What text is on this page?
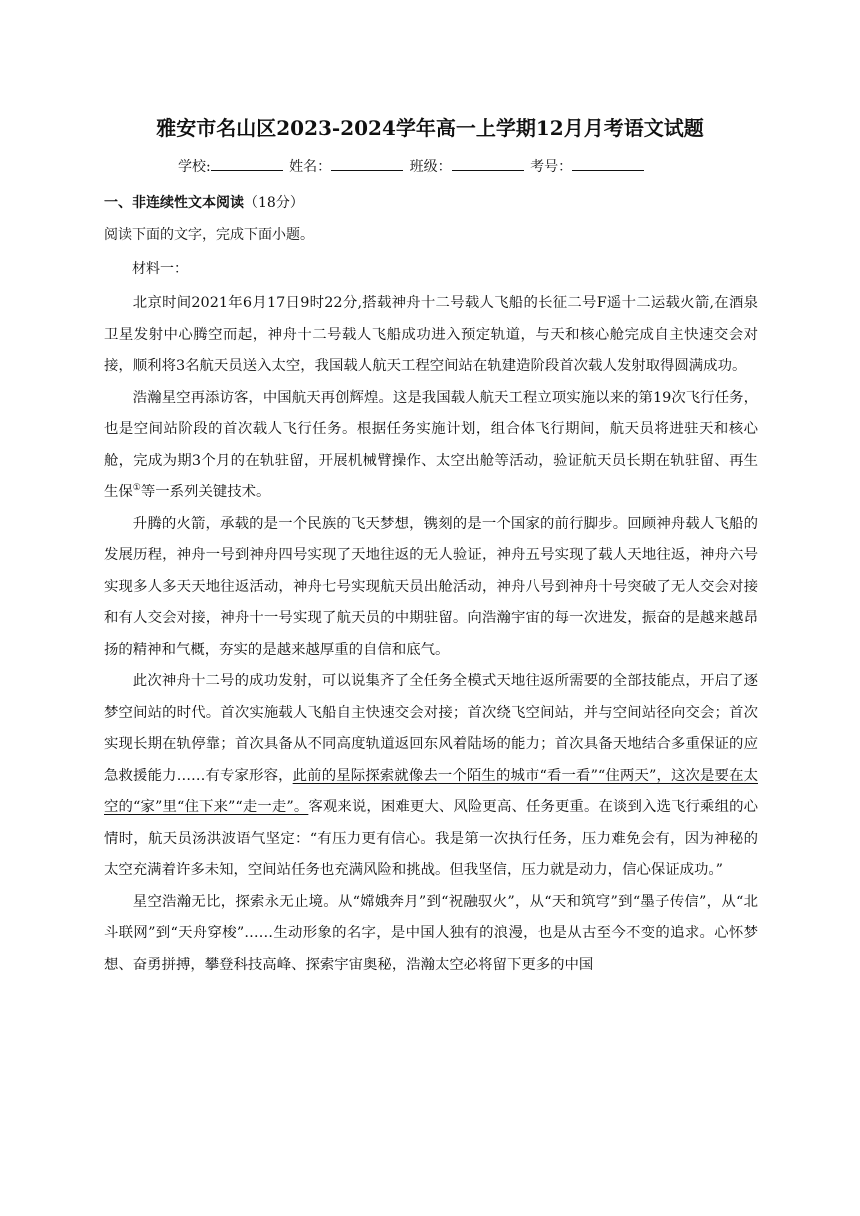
雅安市名山区2023-2024学年高一上学期12月月考语文试题
学校:	姓名：	班级：	考号：
一、非连续性文本阅读（18分）
阅读下面的文字，完成下面小题。
材料一：

北京时间2021年6月17日9时22分,搭载神舟十二号载人飞船的长征二号F遥十二运载火箭,在酒泉卫星发射中心腾空而起，神舟十二号载人飞船成功进入预定轨道，与天和核心舱完成自主快速交会对接，顺利将3名航天员送入太空，我国载人航天工程空间站在轨建造阶段首次载人发射取得圆满成功。

浩瀚星空再添访客，中国航天再创辉煌。这是我国载人航天工程立项实施以来的第19次飞行任务，也是空间站阶段的首次载人飞行任务。根据任务实施计划，组合体飞行期间，航天员将进驻天和核心舱，完成为期3个月的在轨驻留，开展机械臂操作、太空出舱等活动，验证航天员长期在轨驻留、再生生保①等一系列关键技术。

升腾的火箭，承载的是一个民族的飞天梦想，镌刻的是一个国家的前行脚步。回顾神舟载人飞船的发展历程，神舟一号到神舟四号实现了天地往返的无人验证，神舟五号实现了载人天地往返，神舟六号实现多人多天天地往返活动，神舟七号实现航天员出舱活动，神舟八号到神舟十号突破了无人交会对接和有人交会对接，神舟十一号实现了航天员的中期驻留。向浩瀚宇宙的每一次进发，振奋的是越来越昂扬的精神和气概，夯实的是越来越厚重的自信和底气。

此次神舟十二号的成功发射，可以说集齐了全任务全模式天地往返所需要的全部技能点，开启了逐梦空间站的时代。首次实施载人飞船自主快速交会对接；首次绕飞空间站，并与空间站径向交会；首次实现长期在轨停靠；首次具备从不同高度轨道返回东风着陆场的能力；首次具备天地结合多重保证的应急救援能力……有专家形容，此前的星际探索就像去一个陌生的城市“看一看”“住两天”，这次是要在太空的“家”里“住下来”“走一走”。客观来说，困难更大、风险更高、任务更重。在谈到入选飞行乘组的心情时，航天员汤洪波语气坚定：“有压力更有信心。我是第一次执行任务，压力难免会有，因为神秘的太空充满着许多未知，空间站任务也充满风险和挑战。但我坚信，压力就是动力，信心保证成功。”

星空浩瀚无比，探索永无止境。从“嫦娥奔月”到“祝融驭火”，从“天和筑穹”到“墨子传信”，从“北斗联网”到“天舟穿梭”……生动形象的名字，是中国人独有的浪漫，也是从古至今不变的追求。心怀梦想、奋勇拼搏，攀登科技高峰、探索宇宙奥秘，浩瀚太空必将留下更多的中国
